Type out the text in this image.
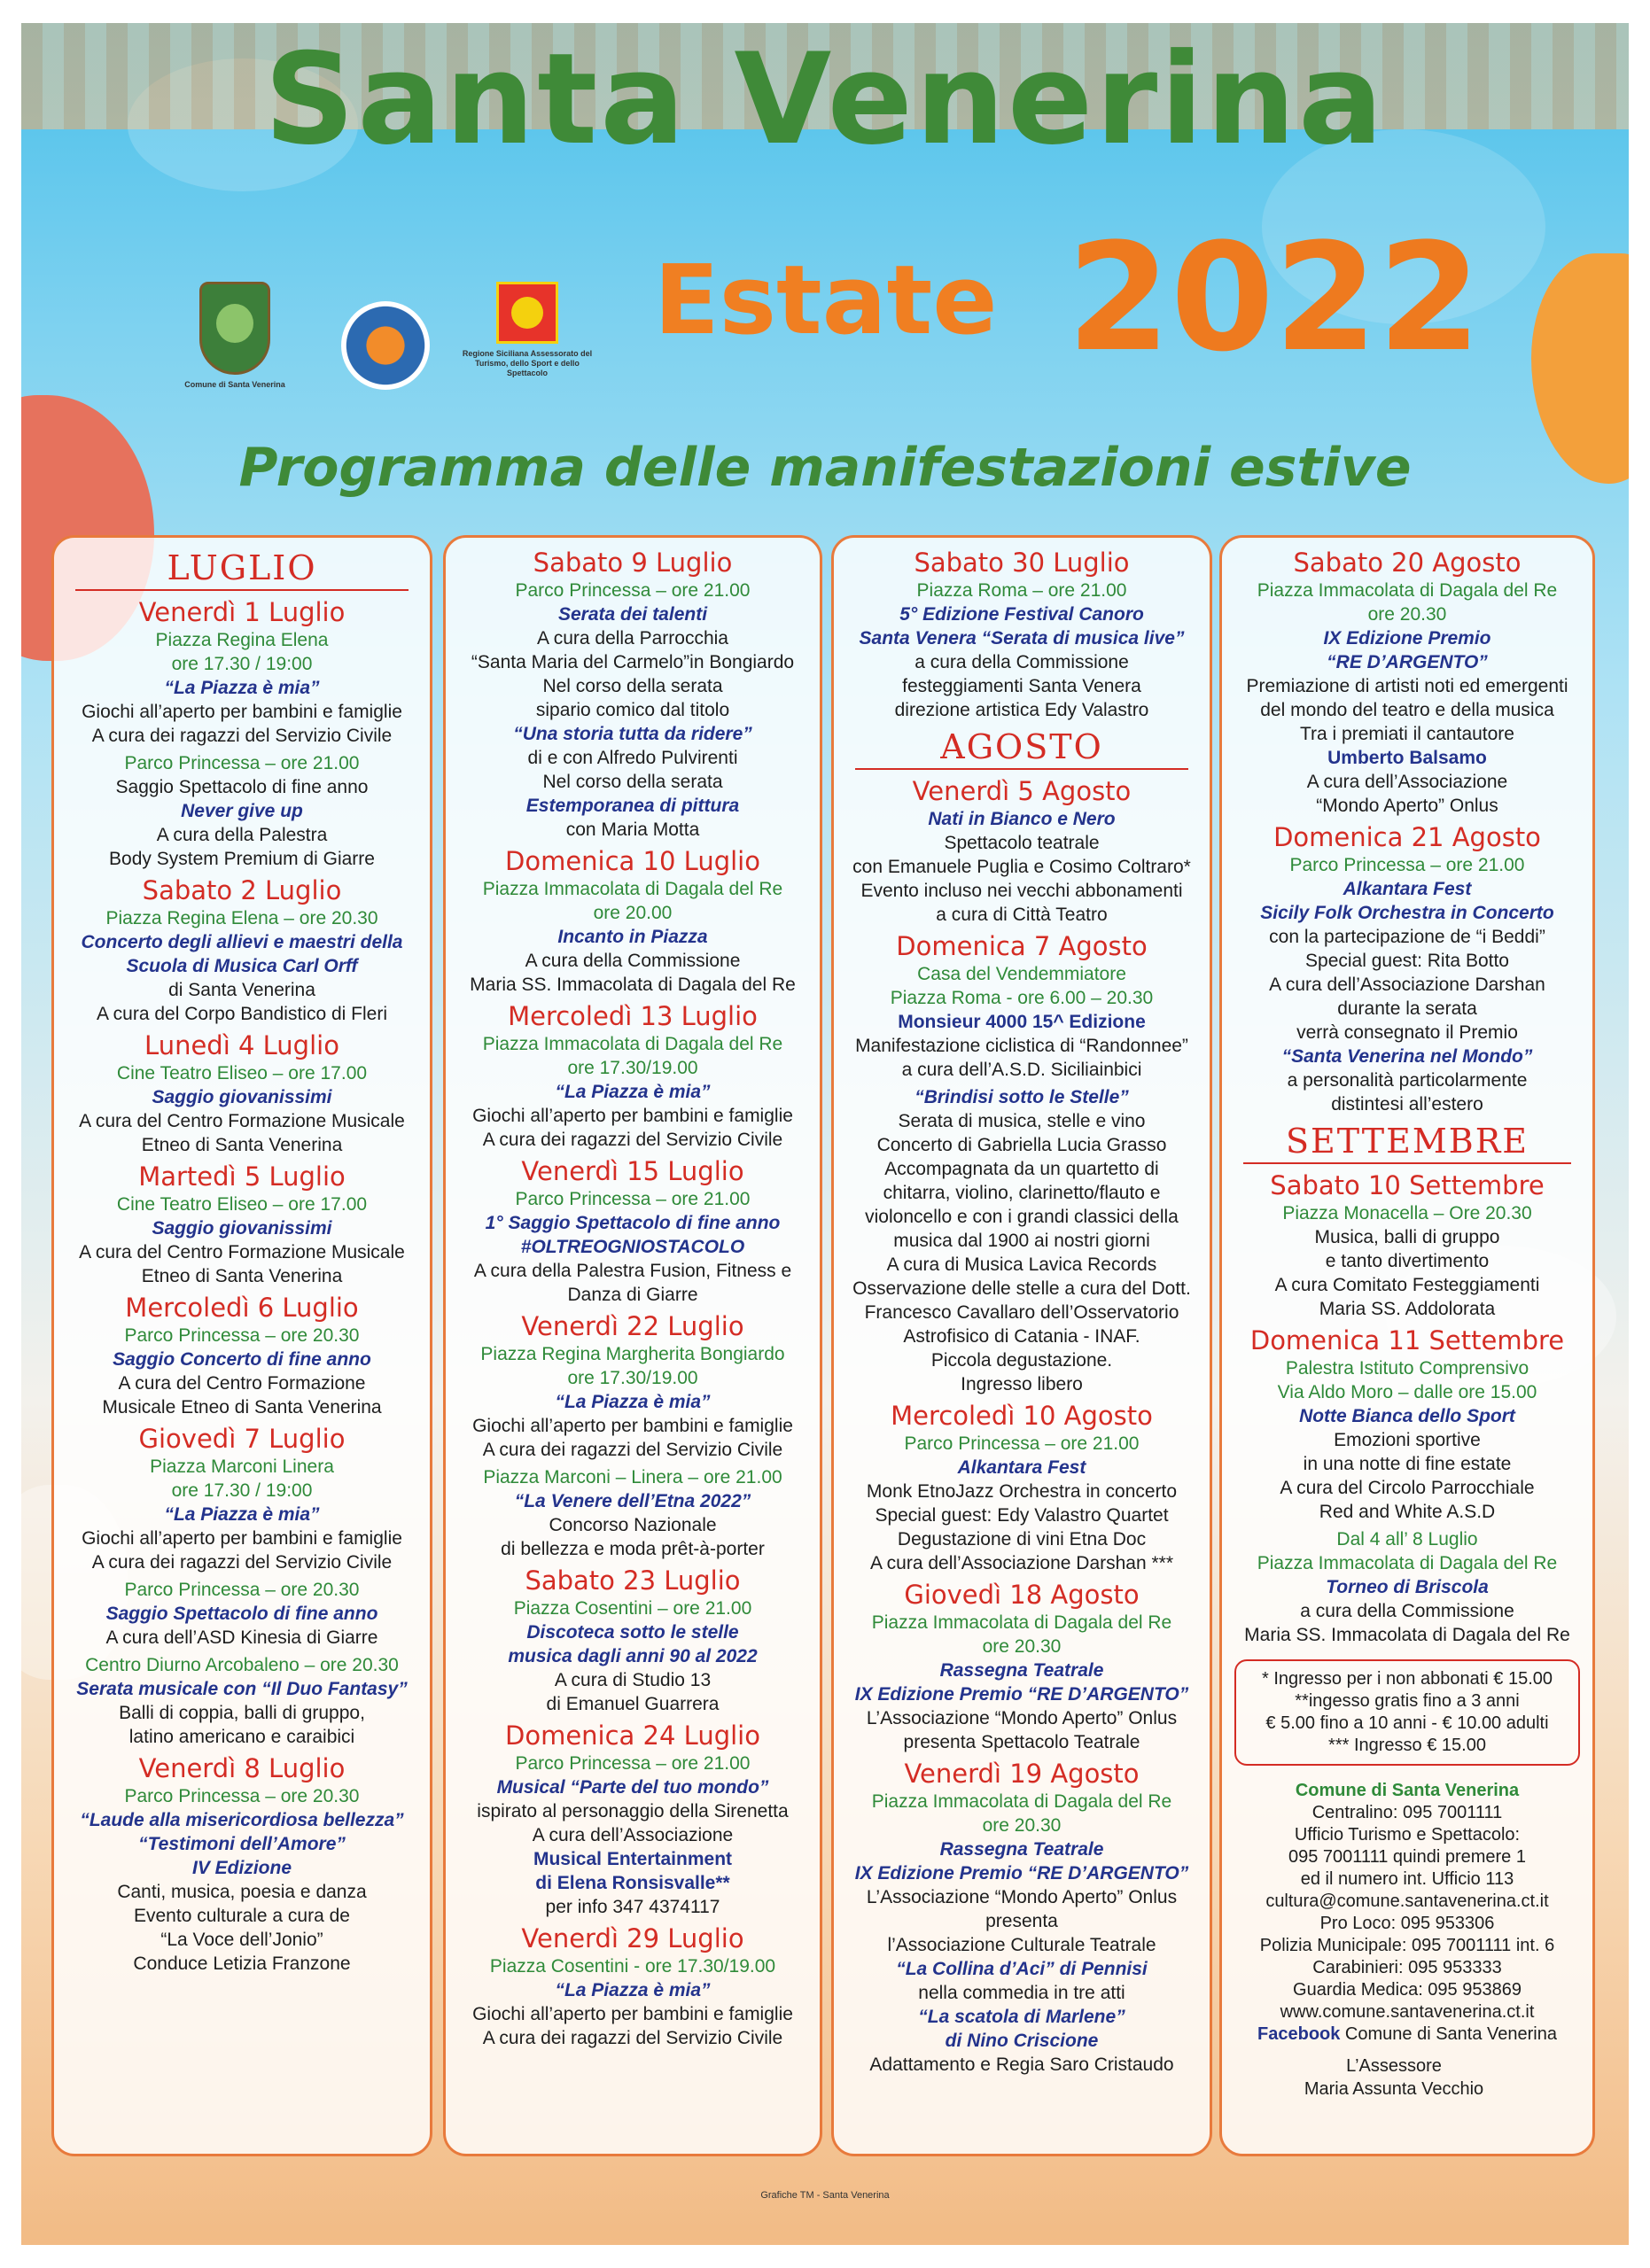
Santa Venerina
Estate 2022
Programma delle manifestazioni estive
Comune di Santa Venerina
Regione Siciliana Assessorato del Turismo, dello Sport e dello Spettacolo
LUGLIO

Venerdì 1 Luglio

Piazza Regina Elena

ore 17.30 / 19:00

“La Piazza è mia”

Giochi all’aperto per bambini e famiglie

A cura dei ragazzi del Servizio Civile

Parco Princessa – ore 21.00

Saggio Spettacolo di fine anno

Never give up

A cura della Palestra

Body System Premium di Giarre

Sabato 2 Luglio

Piazza Regina Elena – ore 20.30

Concerto degli allievi e maestri della

Scuola di Musica Carl Orff

di Santa Venerina

A cura del Corpo Bandistico di Fleri

Lunedì 4 Luglio

Cine Teatro Eliseo – ore 17.00

Saggio giovanissimi

A cura del Centro Formazione Musicale

Etneo di Santa Venerina

Martedì 5 Luglio

Cine Teatro Eliseo – ore 17.00

Saggio giovanissimi

A cura del Centro Formazione Musicale

Etneo di Santa Venerina

Mercoledì 6 Luglio

Parco Princessa – ore 20.30

Saggio Concerto di fine anno

A cura del Centro Formazione

Musicale Etneo di Santa Venerina

Giovedì 7 Luglio

Piazza Marconi Linera

ore 17.30 / 19:00

“La Piazza è mia”

Giochi all’aperto per bambini e famiglie

A cura dei ragazzi del Servizio Civile

Parco Princessa – ore 20.30

Saggio Spettacolo di fine anno

A cura dell’ASD Kinesia di Giarre

Centro Diurno Arcobaleno – ore 20.30

Serata musicale con “Il Duo Fantasy”

Balli di coppia, balli di gruppo,

latino americano e caraibici

Venerdì 8 Luglio

Parco Princessa – ore 20.30

“Laude alla misericordiosa bellezza”

“Testimoni dell’Amore”

IV Edizione

Canti, musica, poesia e danza

Evento culturale a cura de

“La Voce dell’Jonio”

Conduce Letizia Franzone

Sabato 9 Luglio

Parco Princessa – ore 21.00

Serata dei talenti

A cura della Parrocchia

“Santa Maria del Carmelo”in Bongiardo

Nel corso della serata

sipario comico dal titolo

“Una storia tutta da ridere”

di e con Alfredo Pulvirenti

Nel corso della serata

Estemporanea di pittura

con Maria Motta

Domenica 10 Luglio

Piazza Immacolata di Dagala del Re

ore 20.00

Incanto in Piazza

A cura della Commissione

Maria SS. Immacolata di Dagala del Re

Mercoledì 13 Luglio

Piazza Immacolata di Dagala del Re

ore 17.30/19.00

“La Piazza è mia”

Giochi all’aperto per bambini e famiglie

A cura dei ragazzi del Servizio Civile

Venerdì 15 Luglio

Parco Princessa – ore 21.00

1° Saggio Spettacolo di fine anno

#OLTREOGNIOSTACOLO

A cura della Palestra Fusion, Fitness e

Danza di Giarre

Venerdì 22 Luglio

Piazza Regina Margherita Bongiardo

ore 17.30/19.00

“La Piazza è mia”

Giochi all’aperto per bambini e famiglie

A cura dei ragazzi del Servizio Civile

Piazza Marconi – Linera – ore 21.00

“La Venere dell’Etna 2022”

Concorso Nazionale

di bellezza e moda prêt-à-porter

Sabato 23 Luglio

Piazza Cosentini – ore 21.00

Discoteca sotto le stelle

musica dagli anni 90 al 2022

A cura di Studio 13

di Emanuel Guarrera

Domenica 24 Luglio

Parco Princessa – ore 21.00

Musical “Parte del tuo mondo”

ispirato al personaggio della Sirenetta

A cura dell’Associazione

Musical Entertainment

di Elena Ronsisvalle**

per info 347 4374117

Venerdì 29 Luglio

Piazza Cosentini - ore 17.30/19.00

“La Piazza è mia”

Giochi all’aperto per bambini e famiglie

A cura dei ragazzi del Servizio Civile

Sabato 30 Luglio

Piazza Roma – ore 21.00

5° Edizione Festival Canoro

Santa Venera “Serata di musica live”

a cura della Commissione

festeggiamenti Santa Venera

direzione artistica Edy Valastro

AGOSTO

Venerdì 5 Agosto

Nati in Bianco e Nero

Spettacolo teatrale

con Emanuele Puglia e Cosimo Coltraro*

Evento incluso nei vecchi abbonamenti

a cura di Città Teatro

Domenica 7 Agosto

Casa del Vendemmiatore

Piazza Roma - ore 6.00 – 20.30

Monsieur 4000 15^ Edizione

Manifestazione ciclistica di “Randonnee”

a cura dell’A.S.D. Siciliainbici

“Brindisi sotto le Stelle”

Serata di musica, stelle e vino

Concerto di Gabriella Lucia Grasso

Accompagnata da un quartetto di

chitarra, violino, clarinetto/flauto e

violoncello e con i grandi classici della

musica dal 1900 ai nostri giorni

A cura di Musica Lavica Records

Osservazione delle stelle a cura del Dott.

Francesco Cavallaro dell’Osservatorio

Astrofisico di Catania - INAF.

Piccola degustazione.

Ingresso libero

Mercoledì 10 Agosto

Parco Princessa – ore 21.00

Alkantara Fest

Monk EtnoJazz Orchestra in concerto

Special guest: Edy Valastro Quartet

Degustazione di vini Etna Doc

A cura dell’Associazione Darshan ***

Giovedì 18 Agosto

Piazza Immacolata di Dagala del Re

ore 20.30

Rassegna Teatrale

IX Edizione Premio “RE D’ARGENTO”

L’Associazione “Mondo Aperto” Onlus

presenta Spettacolo Teatrale

Venerdì 19 Agosto

Piazza Immacolata di Dagala del Re

ore 20.30

Rassegna Teatrale

IX Edizione Premio “RE D’ARGENTO”

L’Associazione “Mondo Aperto” Onlus

presenta

l’Associazione Culturale Teatrale

“La Collina d’Aci” di Pennisi

nella commedia in tre atti

“La scatola di Marlene”

di Nino Criscione

Adattamento e Regia Saro Cristaudo

Sabato 20 Agosto

Piazza Immacolata di Dagala del Re

ore 20.30

IX Edizione Premio

“RE D’ARGENTO”

Premiazione di artisti noti ed emergenti

del mondo del teatro e della musica

Tra i premiati il cantautore

Umberto Balsamo

A cura dell’Associazione

“Mondo Aperto” Onlus

Domenica 21 Agosto

Parco Princessa – ore 21.00

Alkantara Fest

Sicily Folk Orchestra in Concerto

con la partecipazione de “i Beddi”

Special guest: Rita Botto

A cura dell’Associazione Darshan

durante la serata

verrà consegnato il Premio

“Santa Venerina nel Mondo”

a personalità particolarmente

distintesi all’estero

SETTEMBRE

Sabato 10 Settembre

Piazza Monacella – Ore 20.30

Musica, balli di gruppo

e tanto divertimento

A cura Comitato Festeggiamenti

Maria SS. Addolorata

Domenica 11 Settembre

Palestra Istituto Comprensivo

Via Aldo Moro – dalle ore 15.00

Notte Bianca dello Sport

Emozioni sportive

in una notte di fine estate

A cura del Circolo Parrocchiale

Red and White A.S.D

Dal 4 all’ 8 Luglio

Piazza Immacolata di Dagala del Re

Torneo di Briscola

a cura della Commissione

Maria SS. Immacolata di Dagala del Re

* Ingresso per i non abbonati € 15.00

**ingesso gratis fino a 3 anni

€ 5.00 fino a 10 anni - € 10.00 adulti

*** Ingresso € 15.00

Comune di Santa Venerina

Centralino: 095 7001111

Ufficio Turismo e Spettacolo:

095 7001111 quindi premere 1

ed il numero int. Ufficio 113

cultura@comune.santavenerina.ct.it

Pro Loco: 095 953306

Polizia Municipale: 095 7001111 int. 6

Carabinieri: 095 953333

Guardia Medica: 095 953869

www.comune.santavenerina.ct.it

Facebook Comune di Santa Venerina

L’Assessore

Maria Assunta Vecchio

Grafiche TM - Santa Venerina
